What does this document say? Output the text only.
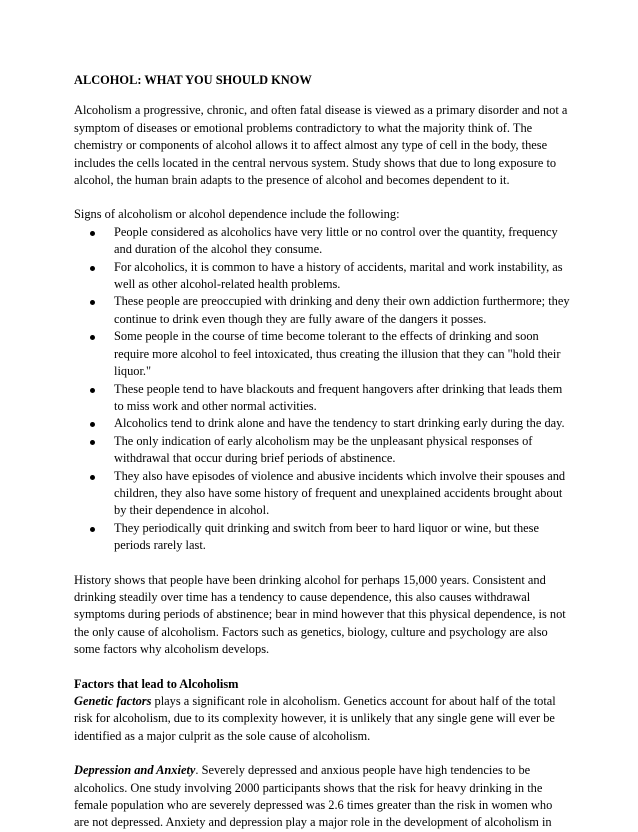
ALCOHOL: WHAT YOU SHOULD KNOW

Alcoholism a progressive, chronic, and often fatal disease is viewed as a primary disorder and not a symptom of diseases or emotional problems contradictory to what the majority think of. The chemistry or components of alcohol allows it to affect almost any type of cell in the body, these includes the cells located in the central nervous system. Study shows that due to long exposure to alcohol, the human brain adapts to the presence of alcohol and becomes dependent to it.

Signs of alcoholism or alcohol dependence include the following:

People considered as alcoholics have very little or no control over the quantity, frequency and duration of the alcohol they consume.
For alcoholics, it is common to have a history of accidents, marital and work instability, as well as other alcohol-related health problems.
These people are preoccupied with drinking and deny their own addiction furthermore; they continue to drink even though they are fully aware of the dangers it posses.
Some people in the course of time become tolerant to the effects of drinking and soon require more alcohol to feel intoxicated, thus creating the illusion that they can "hold their liquor."
These people tend to have blackouts and frequent hangovers after drinking that leads them to miss work and other normal activities.
Alcoholics tend to drink alone and have the tendency to start drinking early during the day.
The only indication of early alcoholism may be the unpleasant physical responses of withdrawal that occur during brief periods of abstinence.
They also have episodes of violence and abusive incidents which involve their spouses and children, they also have some history of frequent and unexplained accidents brought about by their dependence in alcohol.
They periodically quit drinking and switch from beer to hard liquor or wine, but these periods rarely last.

History shows that people have been drinking alcohol for perhaps 15,000 years. Consistent and drinking steadily over time has a tendency to cause dependence, this also causes withdrawal symptoms during periods of abstinence; bear in mind however that this physical dependence, is not the only cause of alcoholism. Factors such as genetics, biology, culture and psychology are also some factors why alcoholism develops.

Factors that lead to Alcoholism

Genetic factors plays a significant role in alcoholism. Genetics account for about half of the total risk for alcoholism, due to its complexity however, it is unlikely that any single gene will ever be identified as a major culprit as the sole cause of alcoholism.

Depression and Anxiety. Severely depressed and anxious people have high tendencies to be alcoholics. One study involving 2000 participants shows that the risk for heavy drinking in the female population who are severely depressed was 2.6 times greater than the risk in women who are not depressed. Anxiety and depression play a major role in the development of alcoholism in
